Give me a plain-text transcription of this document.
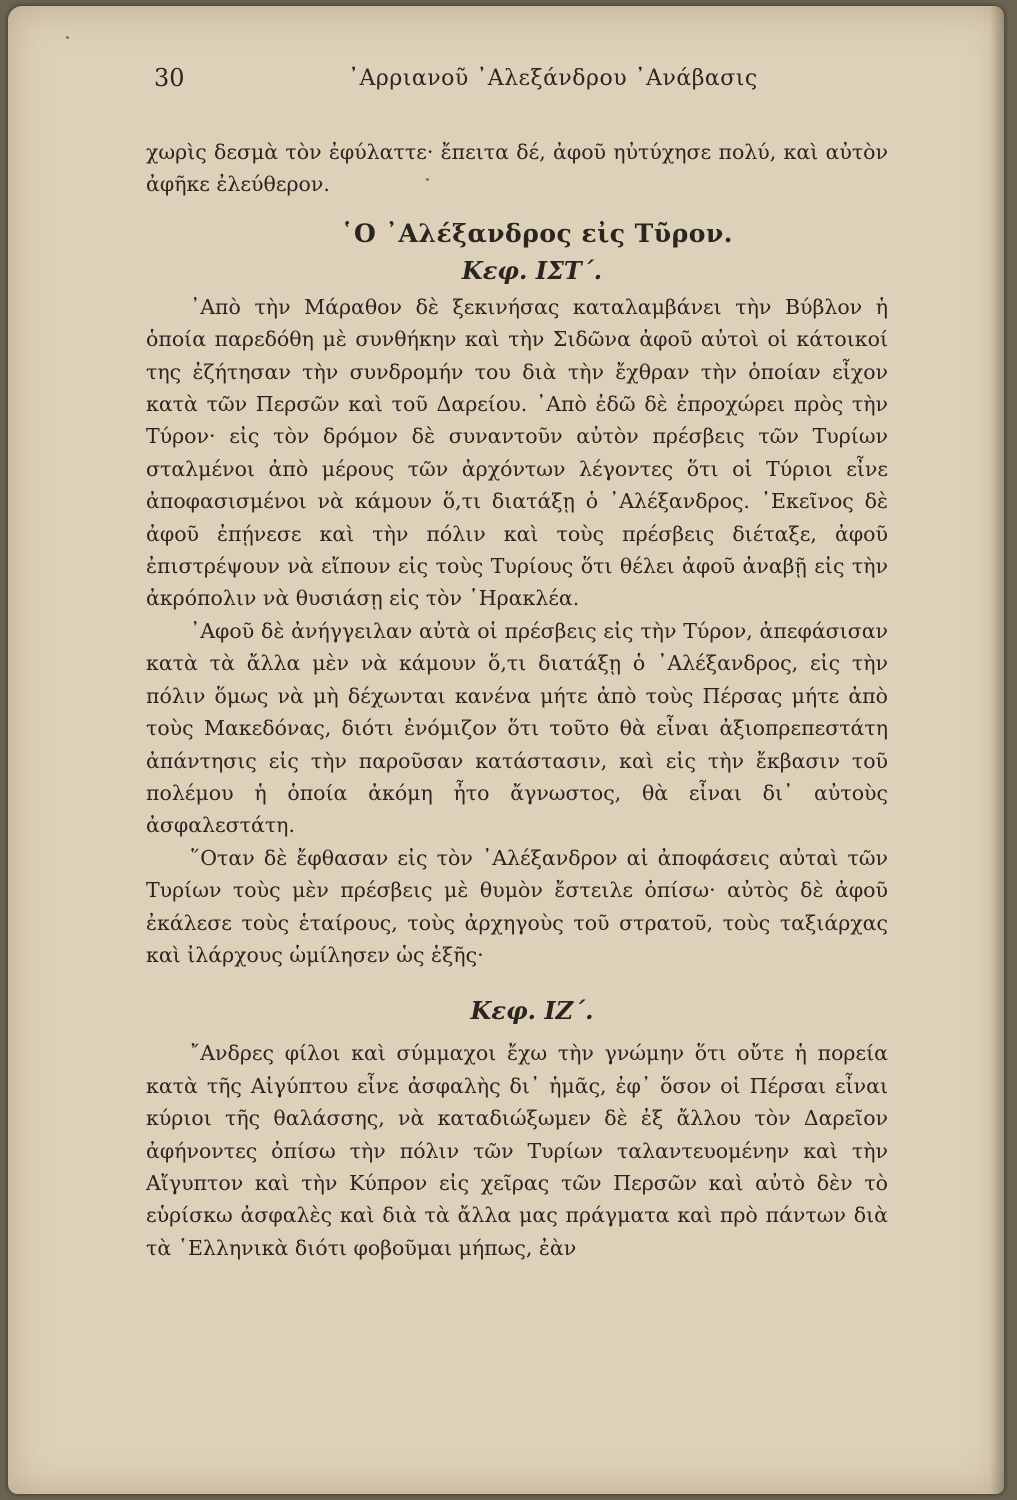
30	᾿Αρριανοῦ ᾿Αλεξάνδρου ᾿Ανάβασις

χωρὶς δεσμὰ τὸν ἐφύλαττε· ἔπειτα δέ, ἀφοῦ ηὐτύχησε πολύ, καὶ αὐτὸν ἀφῆκε ἐλεύθερον.

῾Ο ᾿Αλέξανδρος εἰς Τῦρον.
Κεφ. ΙΣΤ΄.

᾿Απὸ τὴν Μάραθον δὲ ξεκινήσας καταλαμβάνει τὴν Βύβλον ἡ ὁποία παρεδόθη μὲ συνθήκην καὶ τὴν Σιδῶνα ἀφοῦ αὐτοὶ οἱ κάτοικοί της ἐζήτησαν τὴν συνδρομήν του διὰ τὴν ἔχθραν τὴν ὁποίαν εἶχον κατὰ τῶν Περσῶν καὶ τοῦ Δαρείου. ᾿Απὸ ἐδῶ δὲ ἐπροχώρει πρὸς τὴν Τύρον· εἰς τὸν δρόμον δὲ συναντοῦν αὐτὸν πρέσβεις τῶν Τυρίων σταλμένοι ἀπὸ μέρους τῶν ἀρχόντων λέγοντες ὅτι οἱ Τύριοι εἶνε ἀποφασισμένοι νὰ κάμουν ὅ,τι διατάξῃ ὁ ᾿Αλέξανδρος. ᾿Εκεῖνος δὲ ἀφοῦ ἐπῄνεσε καὶ τὴν πόλιν καὶ τοὺς πρέσβεις διέταξε, ἀφοῦ ἐπιστρέψουν νὰ εἴπουν εἰς τοὺς Τυρίους ὅτι θέλει ἀφοῦ ἀναβῇ εἰς τὴν ἀκρόπολιν νὰ θυσιάσῃ εἰς τὸν ῾Ηρακλέα.

᾿Αφοῦ δὲ ἀνήγγειλαν αὐτὰ οἱ πρέσβεις εἰς τὴν Τύρον, ἀπεφάσισαν κατὰ τὰ ἄλλα μὲν νὰ κάμουν ὅ,τι διατάξῃ ὁ ᾿Αλέξανδρος, εἰς τὴν πόλιν ὅμως νὰ μὴ δέχωνται κανένα μήτε ἀπὸ τοὺς Πέρσας μήτε ἀπὸ τοὺς Μακεδόνας, διότι ἐνόμιζον ὅτι τοῦτο θὰ εἶναι ἀξιοπρεπεστάτη ἀπάντησις εἰς τὴν παροῦσαν κατάστασιν, καὶ εἰς τὴν ἔκβασιν τοῦ πολέμου ἡ ὁποία ἀκόμη ἦτο ἄγνωστος, θὰ εἶναι δι᾿ αὐτοὺς ἀσφαλεστάτη.

῞Οταν δὲ ἔφθασαν εἰς τὸν ᾿Αλέξανδρον αἱ ἀποφάσεις αὐταὶ τῶν Τυρίων τοὺς μὲν πρέσβεις μὲ θυμὸν ἔστειλε ὀπίσω· αὐτὸς δὲ ἀφοῦ ἐκάλεσε τοὺς ἑταίρους, τοὺς ἀρχηγοὺς τοῦ στρατοῦ, τοὺς ταξιάρχας καὶ ἰλάρχους ὡμίλησεν ὡς ἑξῆς·

Κεφ. ΙΖ΄.

῎Ανδρες φίλοι καὶ σύμμαχοι ἔχω τὴν γνώμην ὅτι οὔτε ἡ πορεία κατὰ τῆς Αἰγύπτου εἶνε ἀσφαλὴς δι᾿ ἡμᾶς, ἐφ᾿ ὅσον οἱ Πέρσαι εἶναι κύριοι τῆς θαλάσσης, νὰ καταδιώξωμεν δὲ ἐξ ἄλλου τὸν Δαρεῖον ἀφήνοντες ὀπίσω τὴν πόλιν τῶν Τυρίων ταλαντευομένην καὶ τὴν Αἴγυπτον καὶ τὴν Κύπρον εἰς χεῖρας τῶν Περσῶν καὶ αὐτὸ δὲν τὸ εὑρίσκω ἀσφαλὲς καὶ διὰ τὰ ἄλλα μας πράγματα καὶ πρὸ πάντων διὰ τὰ ῾Ελληνικὰ διότι φοβοῦμαι μήπως, ἐὰν
